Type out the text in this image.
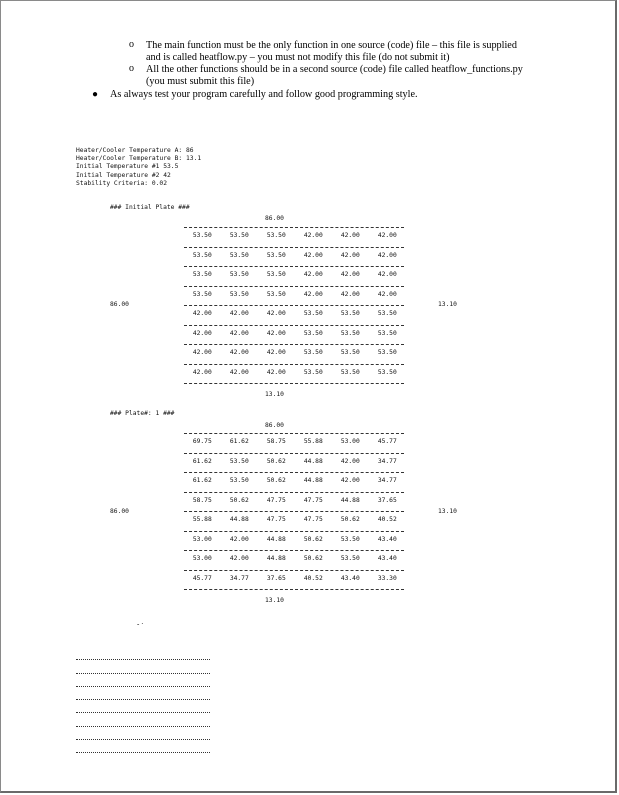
o The main function must be the only function in one source (code) file – this file is supplied and is called heatflow.py – you must not modify this file (do not submit it)
o All the other functions should be in a second source (code) file called heatflow_functions.py (you must submit this file)
● As always test your program carefully and follow good programming style.
Heater/Cooler Temperature A: 86
Heater/Cooler Temperature B: 13.1
Initial Temperature #1 53.5
Initial Temperature #2 42
Stability Criteria: 0.02
### Initial Plate ###
86.00
86.00	13.10
53.50	53.50	53.50	42.00	42.00	42.00
53.50	53.50	53.50	42.00	42.00	42.00
53.50	53.50	53.50	42.00	42.00	42.00
53.50	53.50	53.50	42.00	42.00	42.00
42.00	42.00	42.00	53.50	53.50	53.50
42.00	42.00	42.00	53.50	53.50	53.50
42.00	42.00	42.00	53.50	53.50	53.50
42.00	42.00	42.00	53.50	53.50	53.50
13.10
### Plate#: 1 ###
86.00
86.00	13.10
69.75	61.62	58.75	55.88	53.00	45.77
61.62	53.50	50.62	44.88	42.00	34.77
61.62	53.50	50.62	44.88	42.00	34.77
58.75	50.62	47.75	47.75	44.88	37.65
55.88	44.88	47.75	47.75	50.62	40.52
53.00	42.00	44.88	50.62	53.50	43.40
53.00	42.00	44.88	50.62	53.50	43.40
45.77	34.77	37.65	40.52	43.40	33.30
13.10
- ·
